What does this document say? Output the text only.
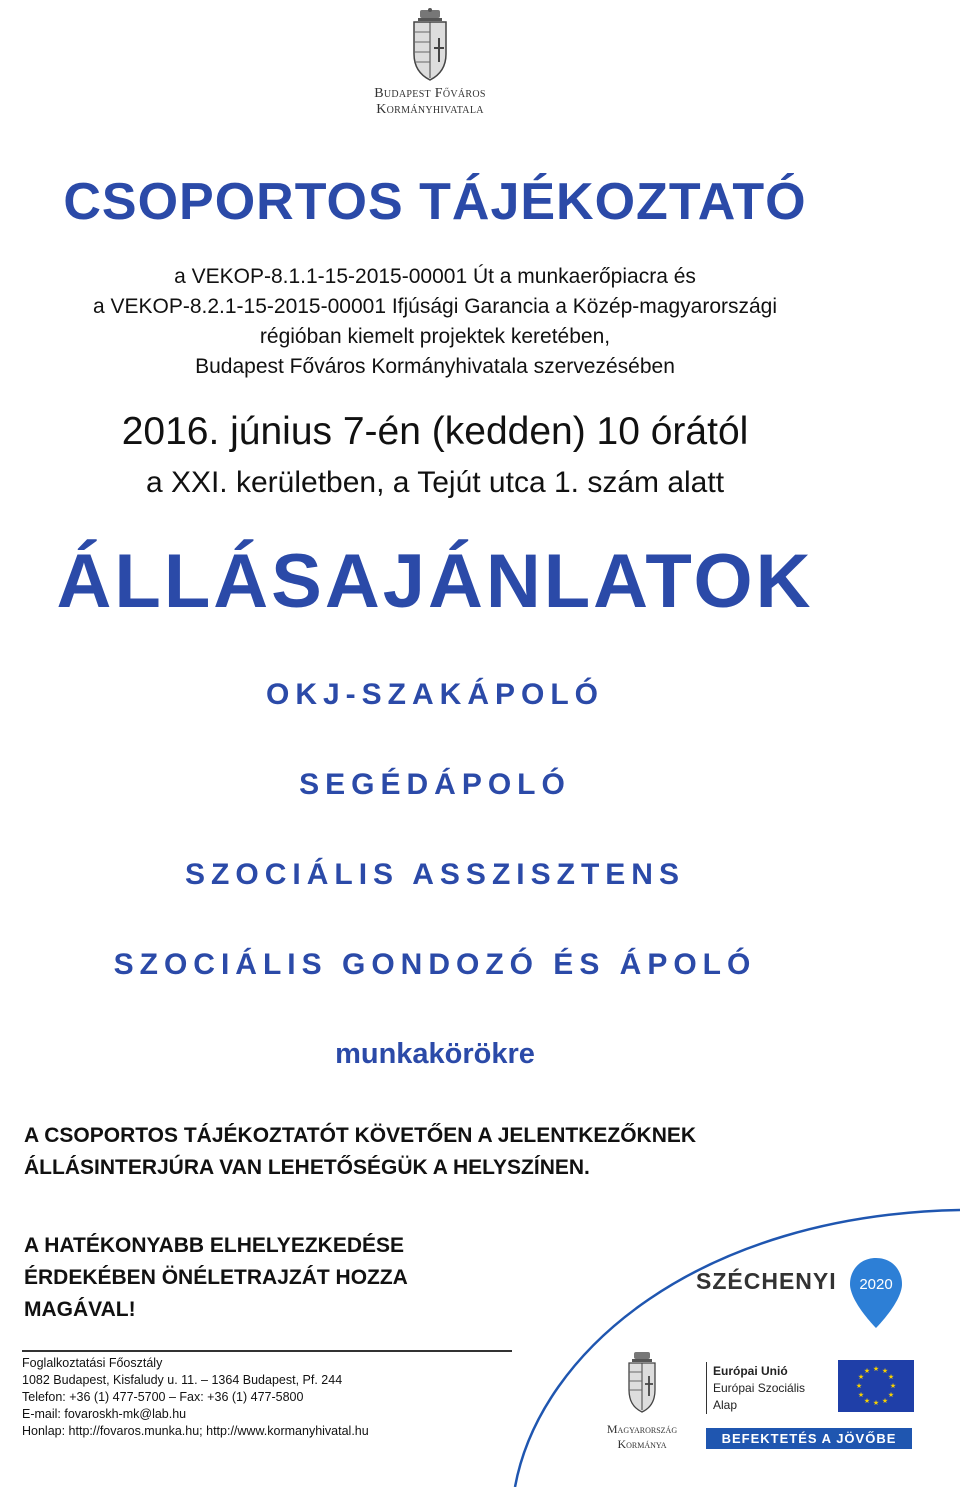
Budapest Főváros
Kormányhivatala
CSOPORTOS TÁJÉKOZTATÓ
a VEKOP-8.1.1-15-2015-00001 Út a munkaerőpiacra és
a VEKOP-8.2.1-15-2015-00001 Ifjúsági Garancia a Közép-magyarországi
régióban kiemelt projektek keretében,
Budapest Főváros Kormányhivatala szervezésében
2016. június 7-én (kedden) 10 órától
a XXI. kerületben, a Tejút utca 1. szám alatt
ÁLLÁSAJÁNLATOK
OKJ-SZAKÁPOLÓ
SEGÉDÁPOLÓ
SZOCIÁLIS ASSZISZTENS
SZOCIÁLIS GONDOZÓ ÉS ÁPOLÓ
munkakörökre
A CSOPORTOS TÁJÉKOZTATÓT KÖVETŐEN A JELENTKEZŐKNEK
ÁLLÁSINTERJÚRA VAN LEHETŐSÉGÜK A HELYSZÍNEN.
A HATÉKONYABB ELHELYEZKEDÉSE
ÉRDEKÉBEN ÖNÉLETRAJZÁT HOZZA
MAGÁVAL!
SZÉCHENYI 2020
Foglalkoztatási Főosztály
1082 Budapest, Kisfaludy u. 11. – 1364 Budapest, Pf. 244
Telefon: +36 (1) 477-5700 – Fax: +36 (1) 477-5800
E-mail: fovaroskh-mk@lab.hu
Honlap: http://fovaros.munka.hu; http://www.kormanyhivatal.hu	Magyarország
Kormánya
Európai Unió
Európai Szociális
Alap
★ ★
★
★
★
★
★
★
★
★
★
★
BEFEKTETÉS A JÖVŐBE
